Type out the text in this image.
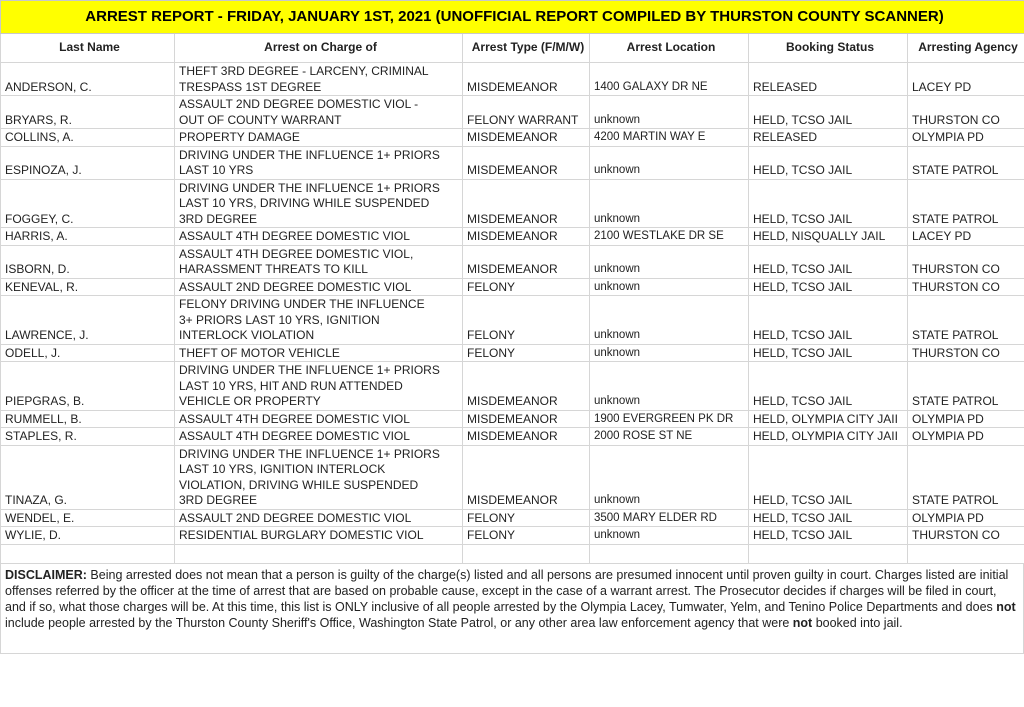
ARREST REPORT - FRIDAY, JANUARY 1ST, 2021 (UNOFFICIAL REPORT COMPILED BY THURSTON COUNTY SCANNER)					
Last Name	Arrest on Charge of	Arrest Type (F/M/W)	Arrest Location	Booking Status	Arresting Agency
ANDERSON, C.	THEFT 3RD DEGREE - LARCENY, CRIMINAL
TRESPASS 1ST DEGREE	MISDEMEANOR	1400 GALAXY DR NE	RELEASED	LACEY PD
BRYARS, R.	ASSAULT 2ND DEGREE DOMESTIC VIOL -
OUT OF COUNTY WARRANT	FELONY WARRANT	unknown	HELD, TCSO JAIL	THURSTON CO
COLLINS, A.	PROPERTY DAMAGE	MISDEMEANOR	4200 MARTIN WAY E	RELEASED	OLYMPIA PD
ESPINOZA, J.	DRIVING UNDER THE INFLUENCE 1+ PRIORS
LAST 10 YRS	MISDEMEANOR	unknown	HELD, TCSO JAIL	STATE PATROL
FOGGEY, C.	DRIVING UNDER THE INFLUENCE 1+ PRIORS
LAST 10 YRS, DRIVING WHILE SUSPENDED
3RD DEGREE	MISDEMEANOR	unknown	HELD, TCSO JAIL	STATE PATROL
HARRIS, A.	ASSAULT 4TH DEGREE DOMESTIC VIOL	MISDEMEANOR	2100 WESTLAKE DR SE	HELD, NISQUALLY JAIL	LACEY PD
ISBORN, D.	ASSAULT 4TH DEGREE DOMESTIC VIOL,
HARASSMENT THREATS TO KILL	MISDEMEANOR	unknown	HELD, TCSO JAIL	THURSTON CO
KENEVAL, R.	ASSAULT 2ND DEGREE DOMESTIC VIOL	FELONY	unknown	HELD, TCSO JAIL	THURSTON CO
LAWRENCE, J.	FELONY DRIVING UNDER THE INFLUENCE
3+ PRIORS LAST 10 YRS, IGNITION
INTERLOCK VIOLATION	FELONY	unknown	HELD, TCSO JAIL	STATE PATROL
ODELL, J.	THEFT OF MOTOR VEHICLE	FELONY	unknown	HELD, TCSO JAIL	THURSTON CO
PIEPGRAS, B.	DRIVING UNDER THE INFLUENCE 1+ PRIORS
LAST 10 YRS, HIT AND RUN ATTENDED
VEHICLE OR PROPERTY	MISDEMEANOR	unknown	HELD, TCSO JAIL	STATE PATROL
RUMMELL, B.	ASSAULT 4TH DEGREE DOMESTIC VIOL	MISDEMEANOR	1900 EVERGREEN PK DR	HELD, OLYMPIA CITY JAII	OLYMPIA PD
STAPLES, R.	ASSAULT 4TH DEGREE DOMESTIC VIOL	MISDEMEANOR	2000 ROSE ST NE	HELD, OLYMPIA CITY JAII	OLYMPIA PD
TINAZA, G.	DRIVING UNDER THE INFLUENCE 1+ PRIORS
LAST 10 YRS, IGNITION INTERLOCK
VIOLATION, DRIVING WHILE SUSPENDED
3RD DEGREE	MISDEMEANOR	unknown	HELD, TCSO JAIL	STATE PATROL
WENDEL, E.	ASSAULT 2ND DEGREE DOMESTIC VIOL	FELONY	3500 MARY ELDER RD	HELD, TCSO JAIL	OLYMPIA PD
WYLIE, D.	RESIDENTIAL BURGLARY DOMESTIC VIOL	FELONY	unknown	HELD, TCSO JAIL	THURSTON CO

DISCLAIMER: Being arrested does not mean that a person is guilty of the charge(s) listed and all persons are presumed innocent until proven guilty in court. Charges listed are initial offenses referred by the officer at the time of arrest that are based on probable cause, except in the case of a warrant arrest. The Prosecutor decides if charges will be filed in court, and if so, what those charges will be. At this time, this list is ONLY inclusive of all people arrested by the Olympia Lacey, Tumwater, Yelm, and Tenino Police Departments and does not include people arrested by the Thurston County Sheriff's Office, Washington State Patrol, or any other area law enforcement agency that were not booked into jail.
